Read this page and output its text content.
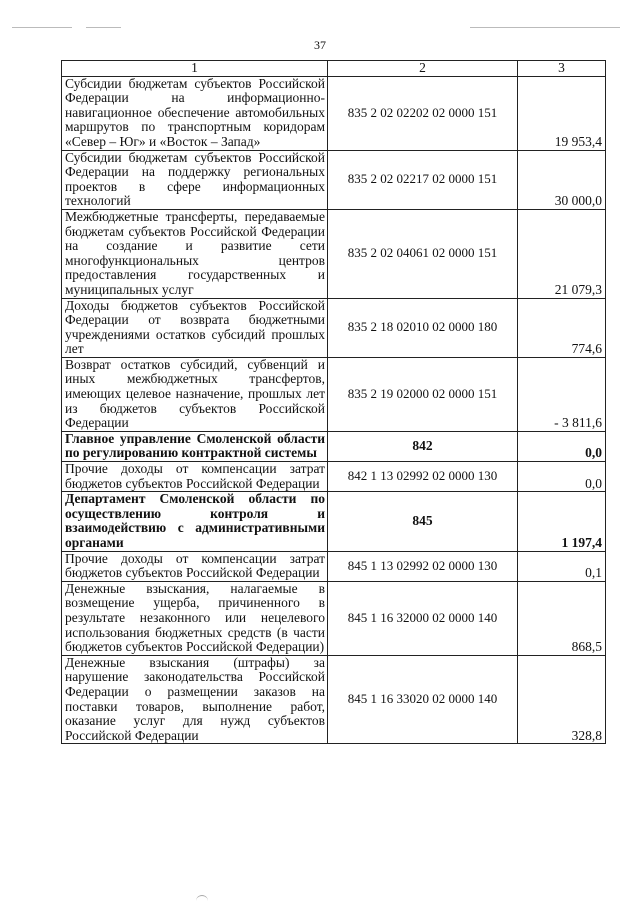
37
1	2	3
Субсидии бюджетам субъектов Российской Федерации на информационно-навигационное обеспечение автомобильных маршрутов по транспортным коридорам «Север – Юг» и «Восток – Запад»	835 2 02 02202 02 0000 151	19 953,4
Субсидии бюджетам субъектов Российской Федерации на поддержку региональных проектов в сфере информационных технологий	835 2 02 02217 02 0000 151	30 000,0
Межбюджетные трансферты, передаваемые бюджетам субъектов Российской Федерации на создание и развитие сети многофункциональных центров предоставления государственных и муниципальных услуг	835 2 02 04061 02 0000 151	21 079,3
Доходы бюджетов субъектов Российской Федерации от возврата бюджетными учреждениями остатков субсидий прошлых лет	835 2 18 02010 02 0000 180	774,6
Возврат остатков субсидий, субвенций и иных межбюджетных трансфертов, имеющих целевое назначение, прошлых лет из бюджетов субъектов Российской Федерации	835 2 19 02000 02 0000 151	- 3 811,6
Главное управление Смоленской области по регулированию контрактной системы	842	0,0
Прочие доходы от компенсации затрат бюджетов субъектов Российской Федерации	842 1 13 02992 02 0000 130	0,0
Департамент Смоленской области по осуществлению контроля и взаимодействию с административными органами	845	1 197,4
Прочие доходы от компенсации затрат бюджетов субъектов Российской Федерации	845 1 13 02992 02 0000 130	0,1
Денежные взыскания, налагаемые в возмещение ущерба, причиненного в результате незаконного или нецелевого использования бюджетных средств (в части бюджетов субъектов Российской Федерации)	845 1 16 32000 02 0000 140	868,5
Денежные взыскания (штрафы) за нарушение законодательства Российской Федерации о размещении заказов на поставки товаров, выполнение работ, оказание услуг для нужд субъектов Российской Федерации	845 1 16 33020 02 0000 140	328,8
